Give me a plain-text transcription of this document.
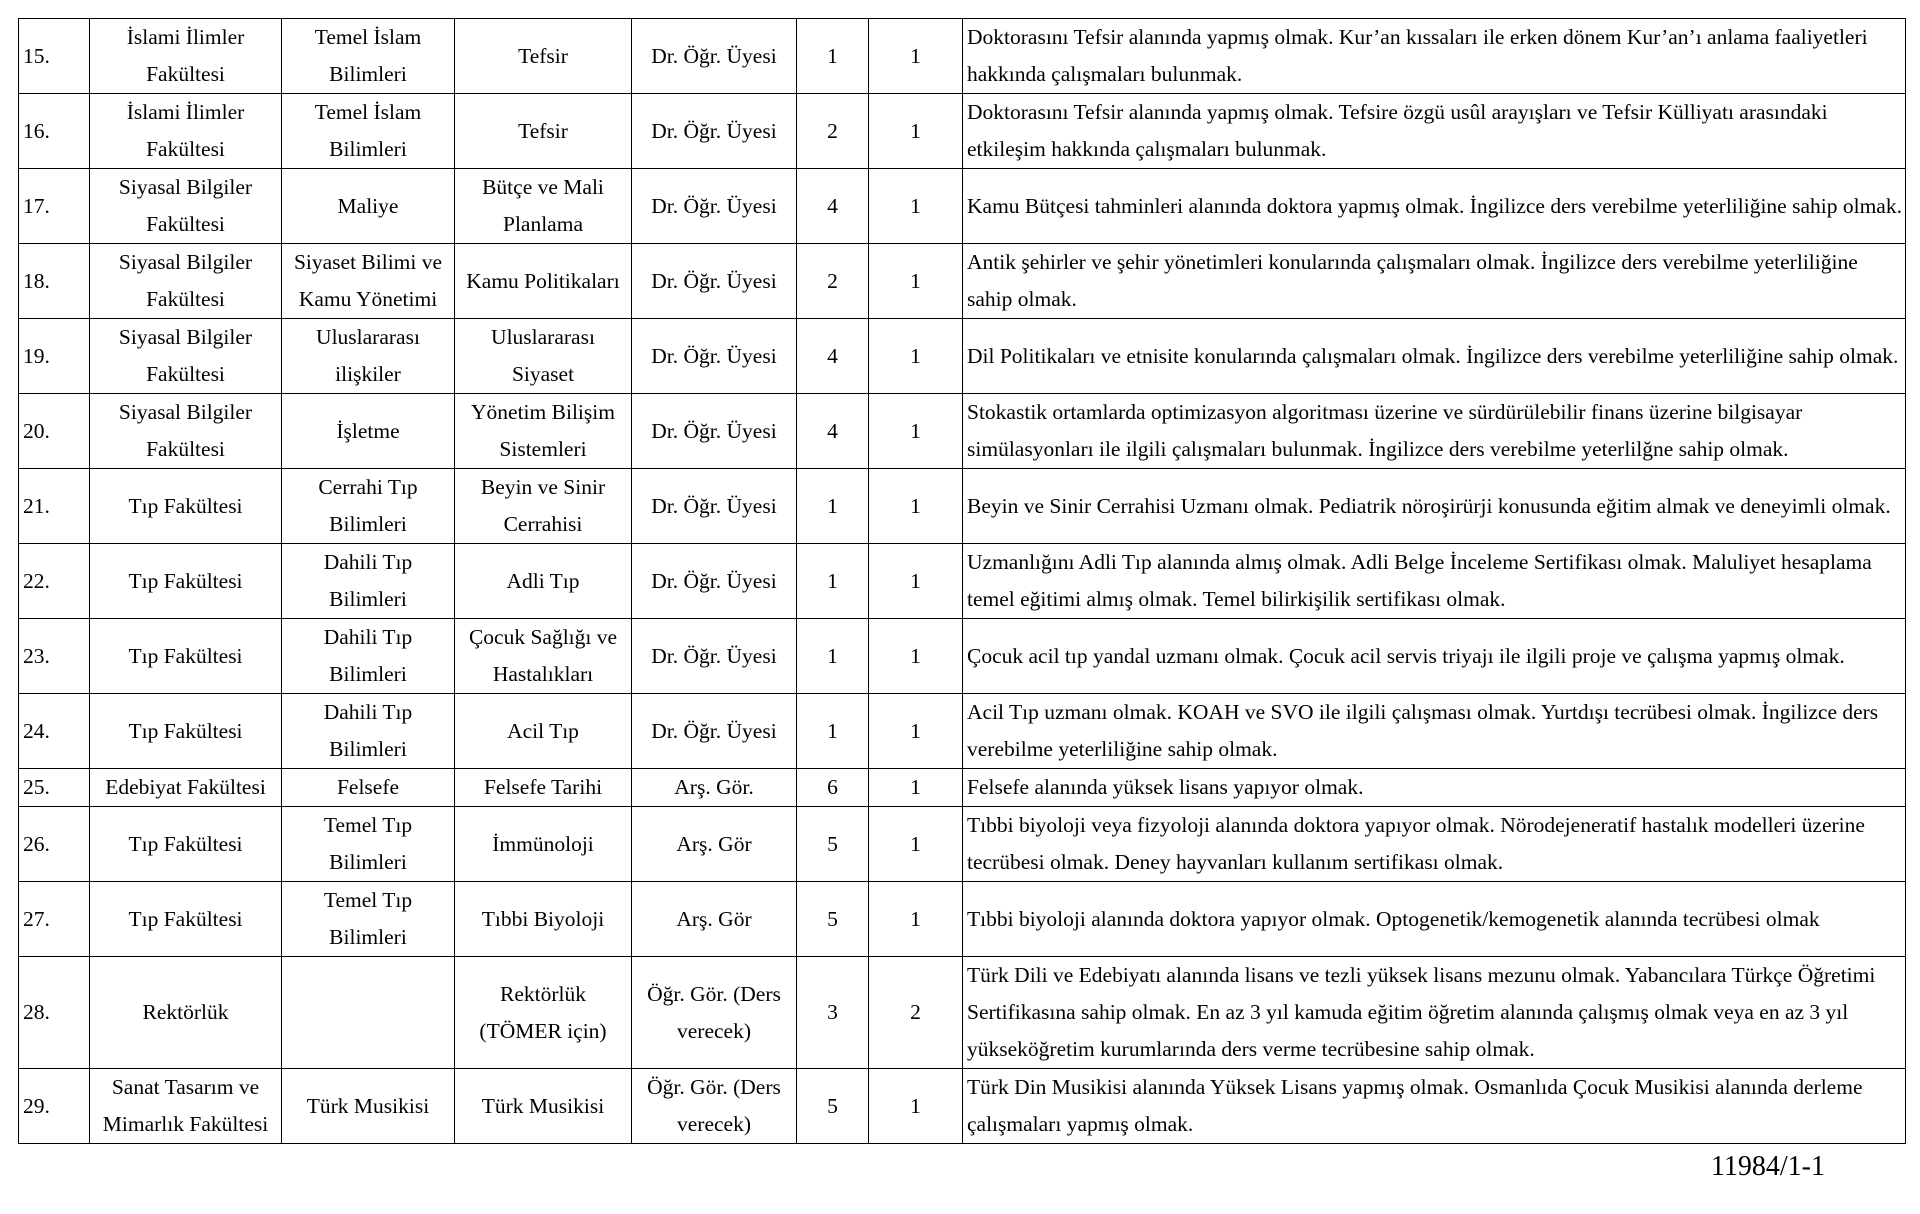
15.	İslami İlimler Fakültesi	Temel İslam Bilimleri	Tefsir	Dr. Öğr. Üyesi	1	1	Doktorasını Tefsir alanında yapmış olmak. Kur’an kıssaları ile erken dönem Kur’an’ı anlama faaliyetleri hakkında çalışmaları bulunmak.
16.	İslami İlimler Fakültesi	Temel İslam Bilimleri	Tefsir	Dr. Öğr. Üyesi	2	1	Doktorasını Tefsir alanında yapmış olmak. Tefsire özgü usûl arayışları ve Tefsir Külliyatı arasındaki etkileşim hakkında çalışmaları bulunmak.
17.	Siyasal Bilgiler Fakültesi	Maliye	Bütçe ve Mali Planlama	Dr. Öğr. Üyesi	4	1	Kamu Bütçesi tahminleri alanında doktora yapmış olmak. İngilizce ders verebilme yeterliliğine sahip olmak.
18.	Siyasal Bilgiler Fakültesi	Siyaset Bilimi ve Kamu Yönetimi	Kamu Politikaları	Dr. Öğr. Üyesi	2	1	Antik şehirler ve şehir yönetimleri konularında çalışmaları olmak. İngilizce ders verebilme yeterliliğine sahip olmak.
19.	Siyasal Bilgiler Fakültesi	Uluslararası ilişkiler	Uluslararası Siyaset	Dr. Öğr. Üyesi	4	1	Dil Politikaları ve etnisite konularında çalışmaları olmak. İngilizce ders verebilme yeterliliğine sahip olmak.
20.	Siyasal Bilgiler Fakültesi	İşletme	Yönetim Bilişim Sistemleri	Dr. Öğr. Üyesi	4	1	Stokastik ortamlarda optimizasyon algoritması üzerine ve sürdürülebilir finans üzerine bilgisayar simülasyonları ile ilgili çalışmaları bulunmak. İngilizce ders verebilme yeterlilğne sahip olmak.
21.	Tıp Fakültesi	Cerrahi Tıp Bilimleri	Beyin ve Sinir Cerrahisi	Dr. Öğr. Üyesi	1	1	Beyin ve Sinir Cerrahisi Uzmanı olmak. Pediatrik nöroşirürji konusunda eğitim almak ve deneyimli olmak.
22.	Tıp Fakültesi	Dahili Tıp Bilimleri	Adli Tıp	Dr. Öğr. Üyesi	1	1	Uzmanlığını Adli Tıp alanında almış olmak. Adli Belge İnceleme Sertifikası olmak. Maluliyet hesaplama temel eğitimi almış olmak. Temel bilirkişilik sertifikası olmak.
23.	Tıp Fakültesi	Dahili Tıp Bilimleri	Çocuk Sağlığı ve Hastalıkları	Dr. Öğr. Üyesi	1	1	Çocuk acil tıp yandal uzmanı olmak. Çocuk acil servis triyajı ile ilgili proje ve çalışma yapmış olmak.
24.	Tıp Fakültesi	Dahili Tıp Bilimleri	Acil Tıp	Dr. Öğr. Üyesi	1	1	Acil Tıp uzmanı olmak. KOAH ve SVO ile ilgili çalışması olmak. Yurtdışı tecrübesi olmak. İngilizce ders verebilme yeterliliğine sahip olmak.
25.	Edebiyat Fakültesi	Felsefe	Felsefe Tarihi	Arş. Gör.	6	1	Felsefe alanında yüksek lisans yapıyor olmak.
26.	Tıp Fakültesi	Temel Tıp Bilimleri	İmmünoloji	Arş. Gör	5	1	Tıbbi biyoloji veya fizyoloji alanında doktora yapıyor olmak. Nörodejeneratif hastalık modelleri üzerine tecrübesi olmak. Deney hayvanları kullanım sertifikası olmak.
27.	Tıp Fakültesi	Temel Tıp Bilimleri	Tıbbi Biyoloji	Arş. Gör	5	1	Tıbbi biyoloji alanında doktora yapıyor olmak. Optogenetik/kemogenetik alanında tecrübesi olmak
28.	Rektörlük		Rektörlük (TÖMER için)	Öğr. Gör. (Ders verecek)	3	2	Türk Dili ve Edebiyatı alanında lisans ve tezli yüksek lisans mezunu olmak. Yabancılara Türkçe Öğretimi Sertifikasına sahip olmak. En az 3 yıl kamuda eğitim öğretim alanında çalışmış olmak veya en az 3 yıl yükseköğretim kurumlarında ders verme tecrübesine sahip olmak.
29.	Sanat Tasarım ve Mimarlık Fakültesi	Türk Musikisi	Türk Musikisi	Öğr. Gör. (Ders verecek)	5	1	Türk Din Musikisi alanında Yüksek Lisans yapmış olmak. Osmanlıda Çocuk Musikisi alanında derleme çalışmaları yapmış olmak.
11984/1-1
